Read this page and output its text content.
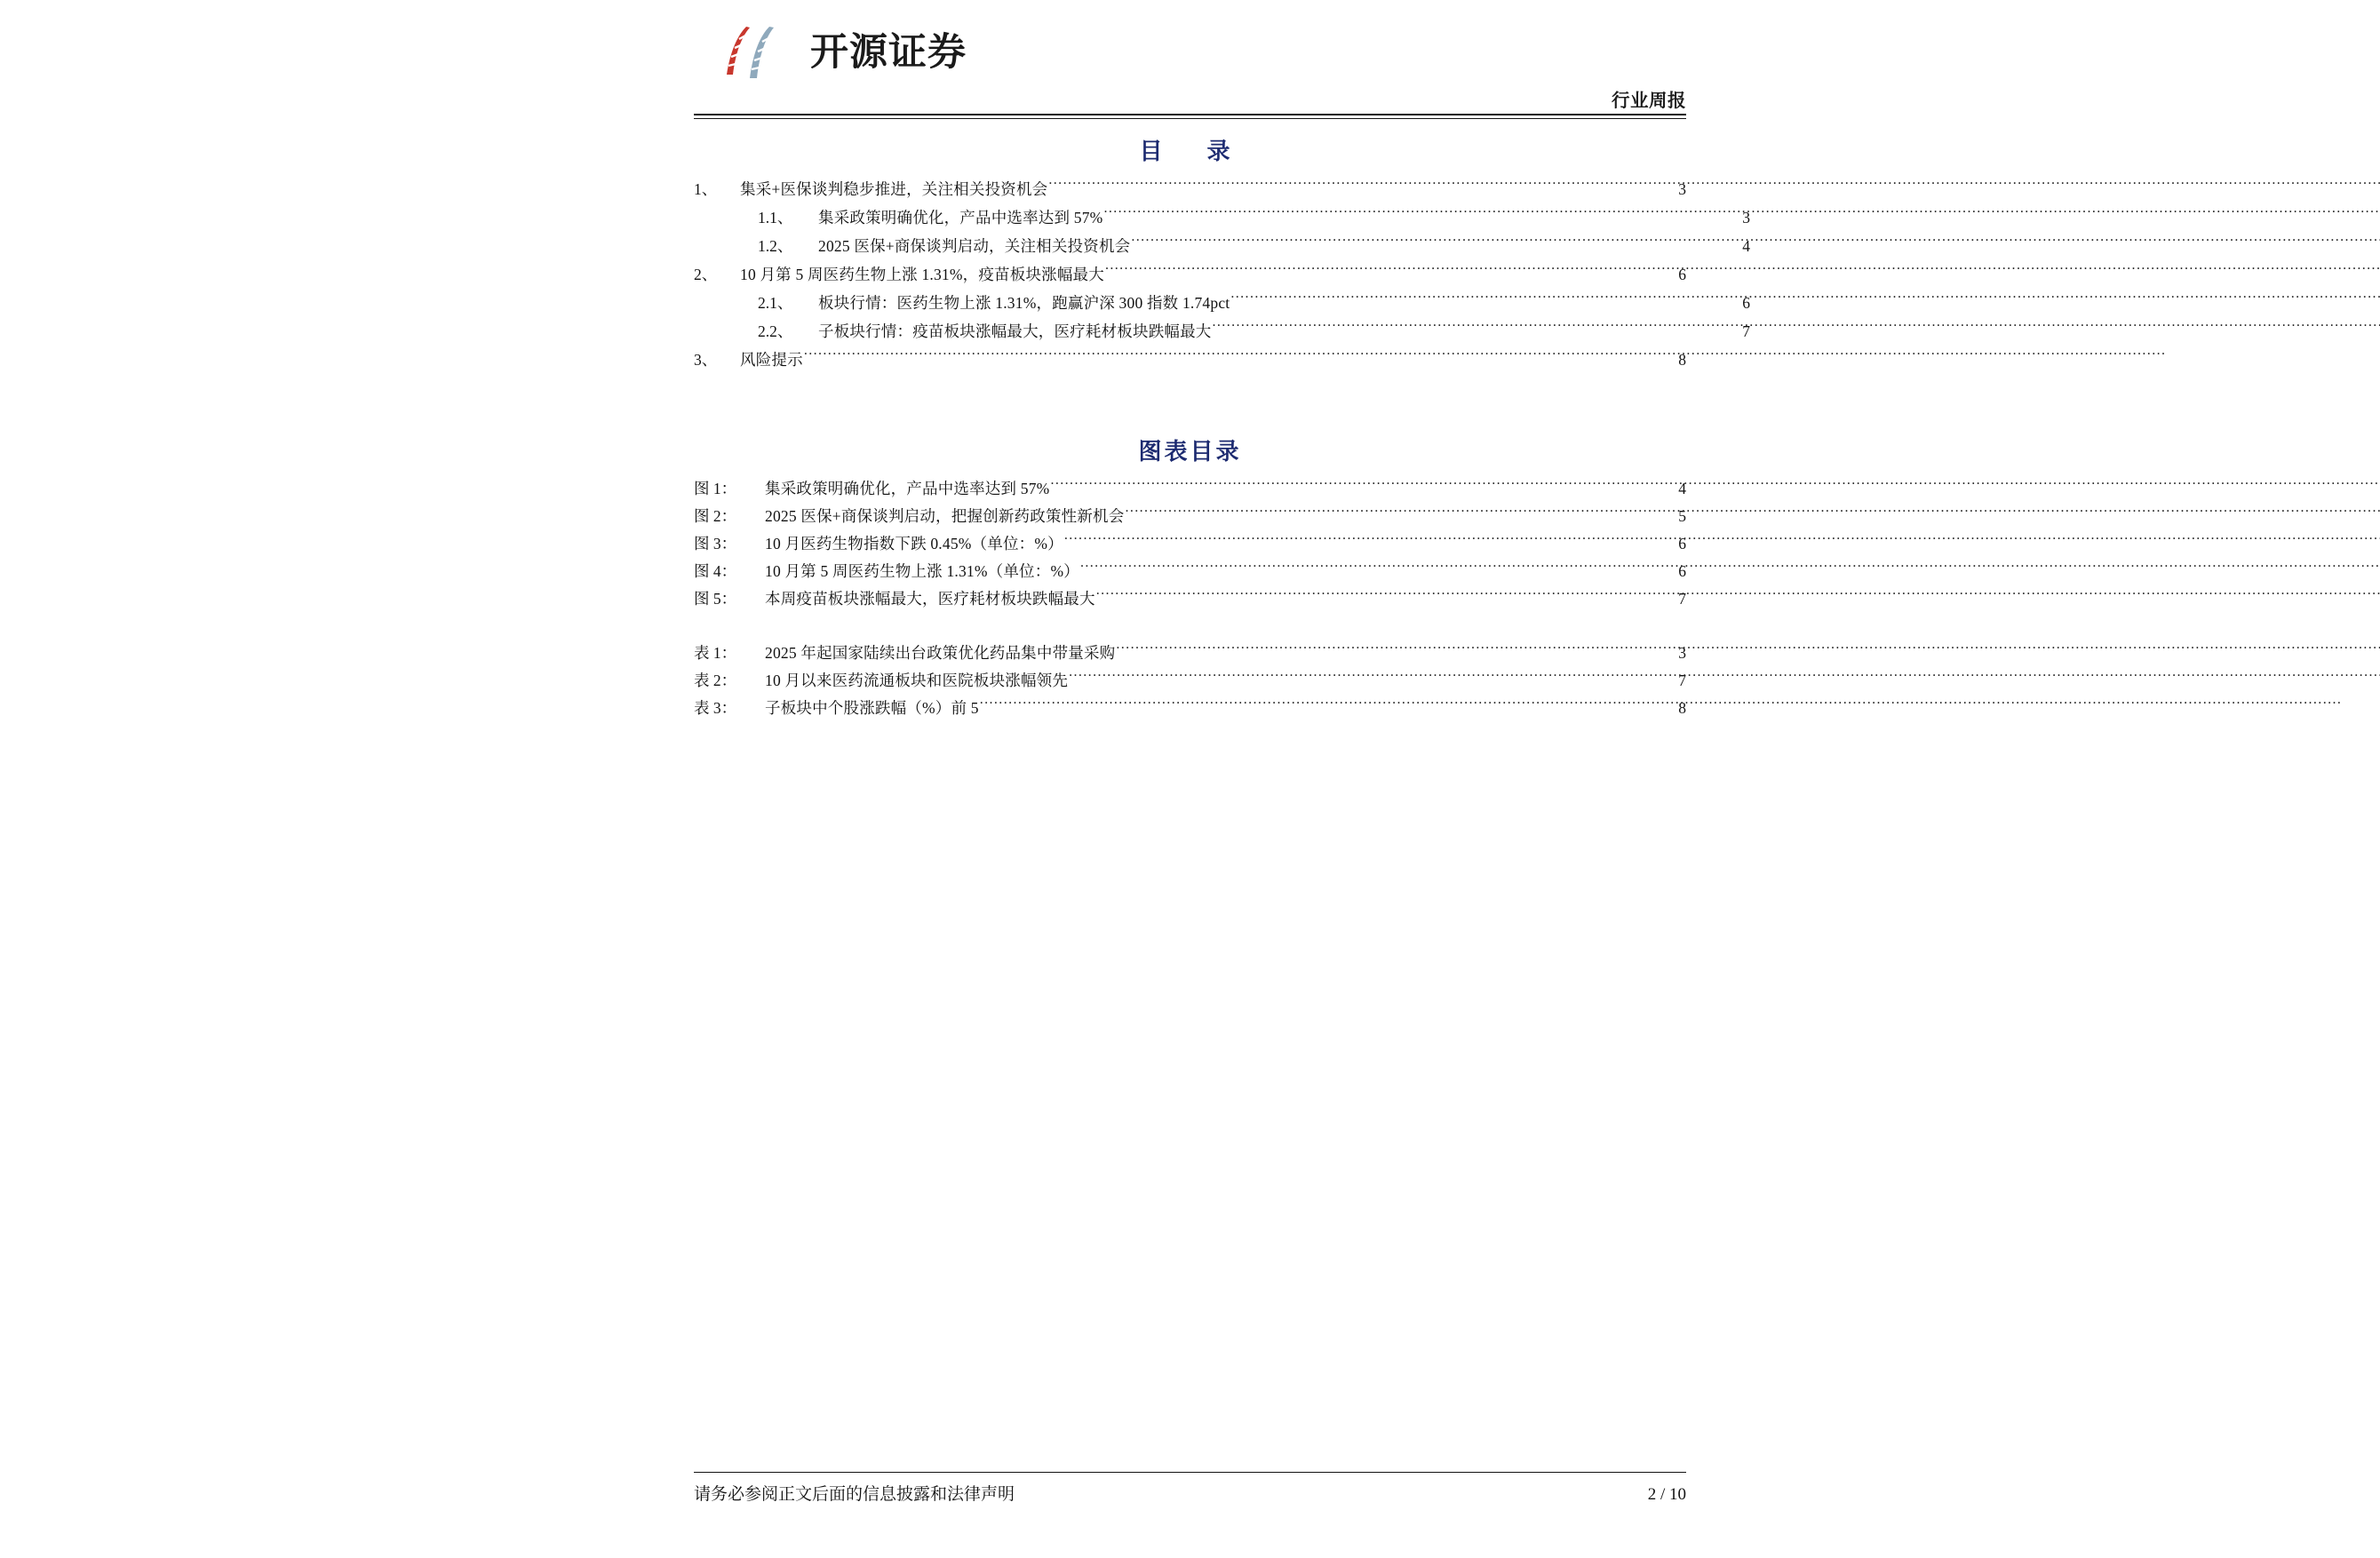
开源证券
行业周报
目　录
1、	集采+医保谈判稳步推进，关注相关投资机会 .....	3
1.1、	集采政策明确优化，产品中选率达到 57% .....	3
1.2、	2025 医保+商保谈判启动，关注相关投资机会 .....	4
2、	10 月第 5 周医药生物上涨 1.31%，疫苗板块涨幅最大 .....	6
2.1、	板块行情：医药生物上涨 1.31%，跑赢沪深 300 指数 1.74pct .....	6
2.2、	子板块行情：疫苗板块涨幅最大，医疗耗材板块跌幅最大 .....	7
3、	风险提示 .....	8
图表目录
图 1：	集采政策明确优化，产品中选率达到 57% .....	4
图 2：	2025 医保+商保谈判启动，把握创新药政策性新机会 .....	5
图 3：	10 月医药生物指数下跌 0.45%（单位：%） .....	6
图 4：	10 月第 5 周医药生物上涨 1.31%（单位：%） .....	6
图 5：	本周疫苗板块涨幅最大，医疗耗材板块跌幅最大 .....	7
表 1：	2025 年起国家陆续出台政策优化药品集中带量采购 .....	3
表 2：	10 月以来医药流通板块和医院板块涨幅领先 .....	7
表 3：	子板块中个股涨跌幅（%）前 5 .....	8
请务必参阅正文后面的信息披露和法律声明	2 / 10
